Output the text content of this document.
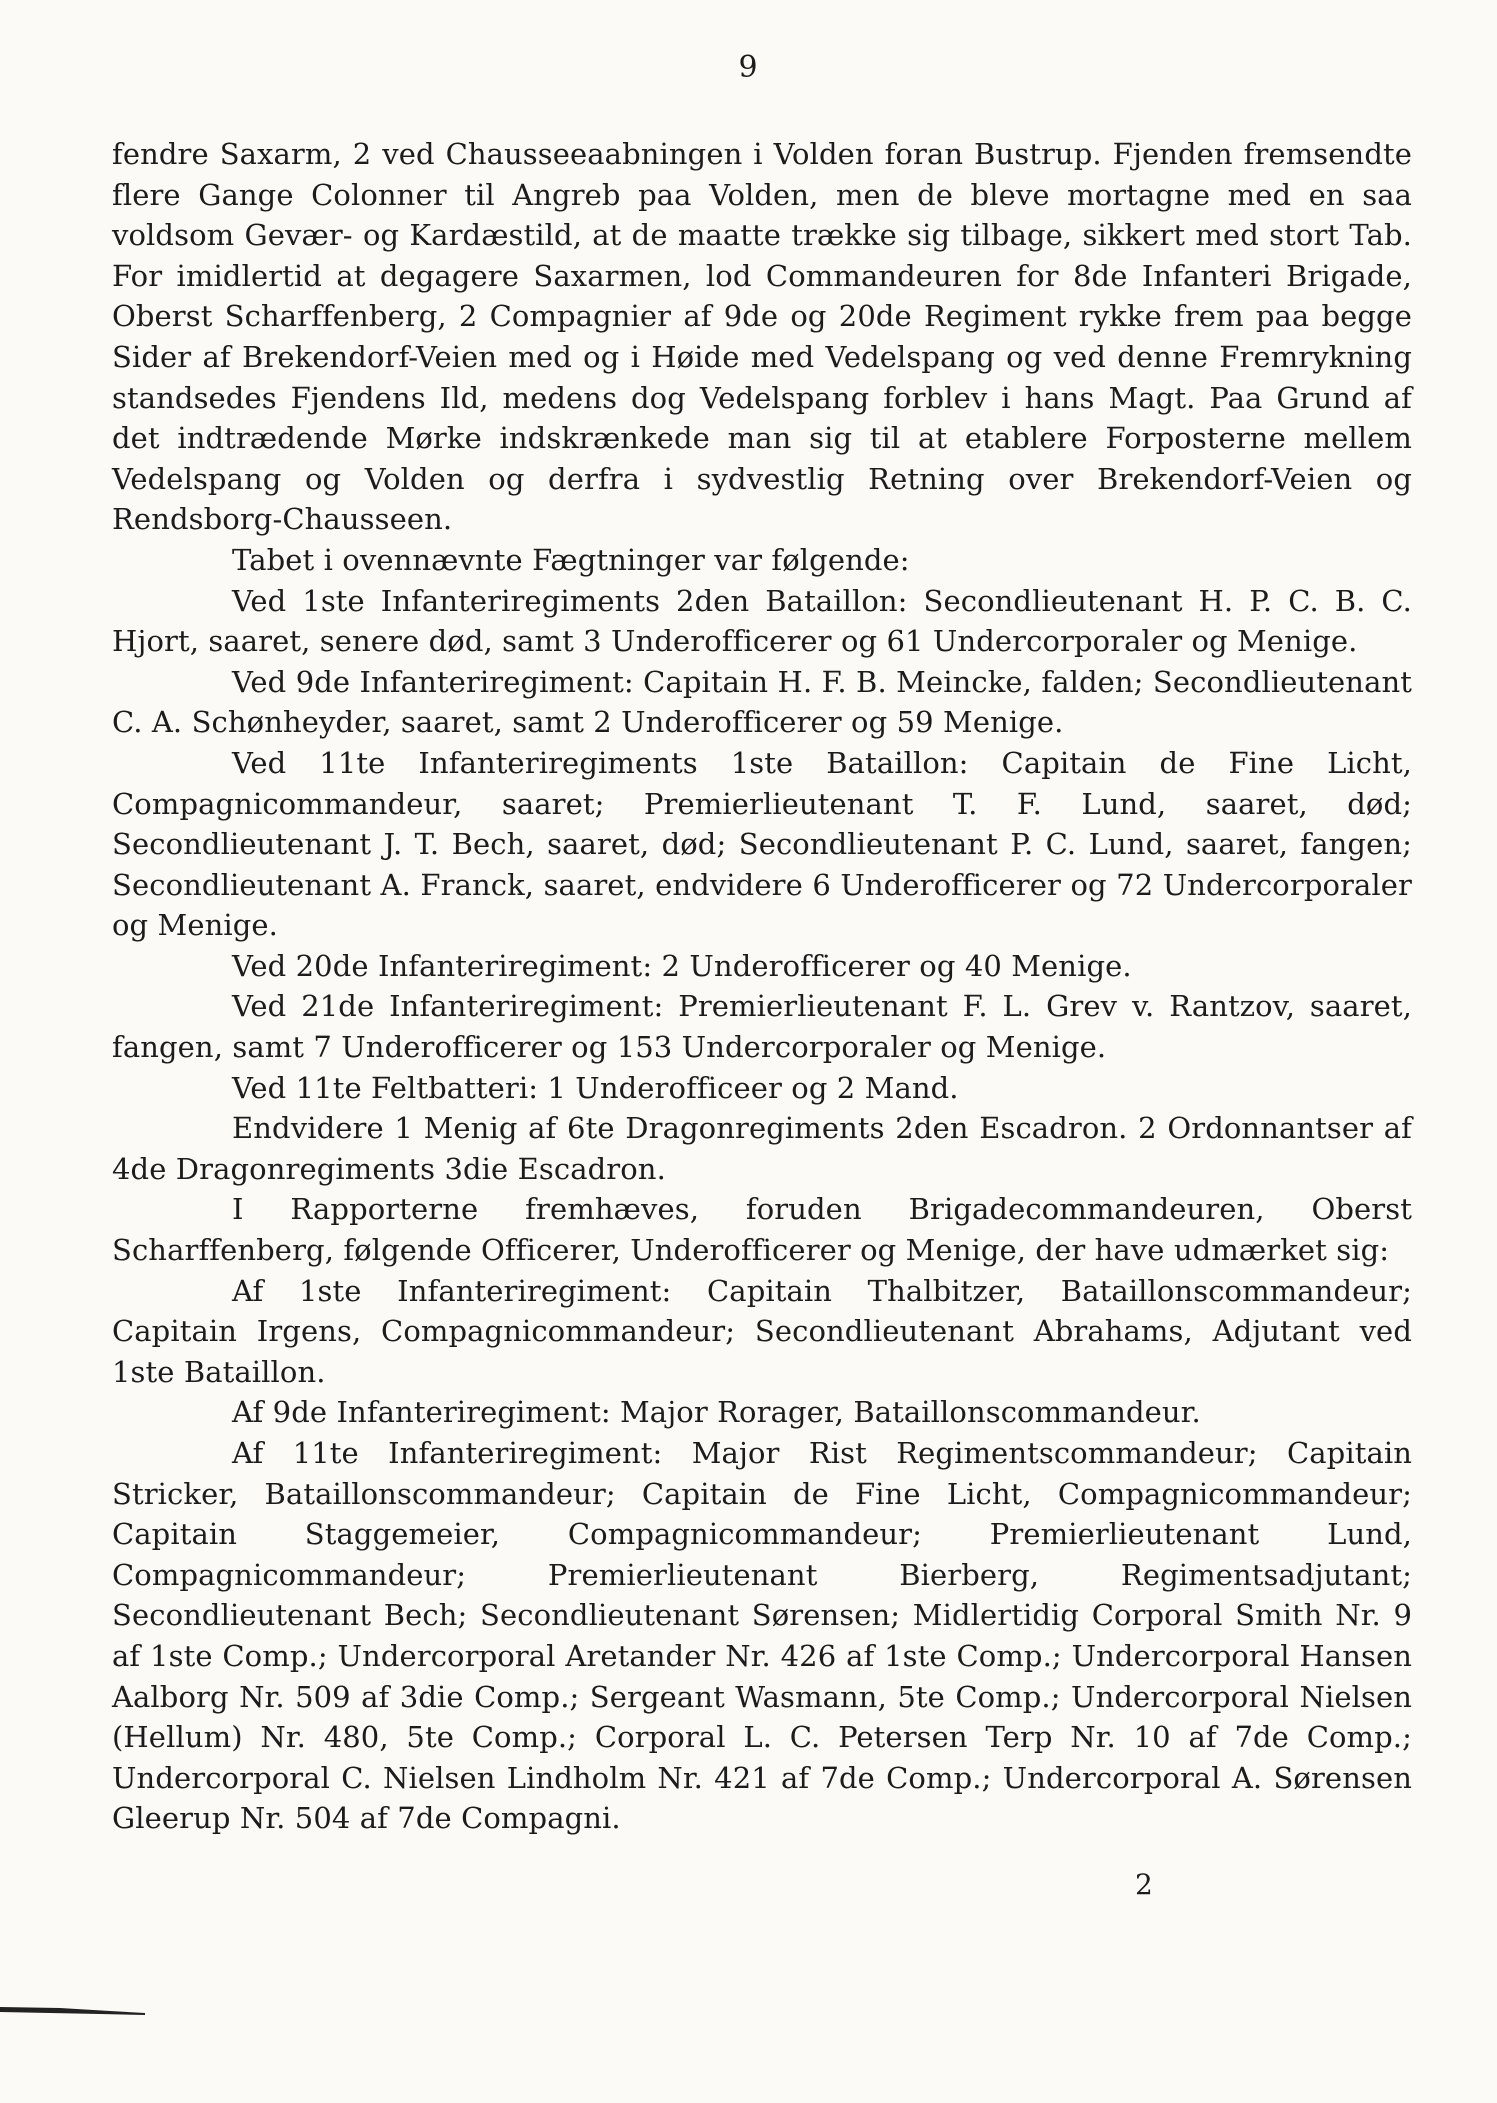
9

fendre Saxarm, 2 ved Chausseeaabningen i Volden foran Bustrup. Fjenden fremsendte flere Gange Colonner til Angreb paa Volden, men de bleve mortagne med en saa voldsom Gevær- og Kardæstild, at de maatte trække sig tilbage, sikkert med stort Tab. For imidlertid at degagere Saxarmen, lod Commandeuren for 8de Infanteri Brigade, Oberst Scharffenberg, 2 Compagnier af 9de og 20de Regiment rykke frem paa begge Sider af Brekendorf-Veien med og i Høide med Vedelspang og ved denne Fremrykning standsedes Fjendens Ild, medens dog Vedelspang forblev i hans Magt. Paa Grund af det indtrædende Mørke indskrænkede man sig til at etablere Forposterne mellem Vedelspang og Volden og derfra i sydvestlig Retning over Brekendorf-Veien og Rendsborg-Chausseen.

Tabet i ovennævnte Fægtninger var følgende:

Ved 1ste Infanteriregiments 2den Bataillon: Secondlieutenant H. P. C. B. C. Hjort, saaret, senere død, samt 3 Underofficerer og 61 Undercorporaler og Menige.

Ved 9de Infanteriregiment: Capitain H. F. B. Meincke, falden; Secondlieutenant C. A. Schønheyder, saaret, samt 2 Underofficerer og 59 Menige.

Ved 11te Infanteriregiments 1ste Bataillon: Capitain de Fine Licht, Compagnicommandeur, saaret; Premierlieutenant T. F. Lund, saaret, død; Secondlieutenant J. T. Bech, saaret, død; Secondlieutenant P. C. Lund, saaret, fangen; Secondlieutenant A. Franck, saaret, endvidere 6 Underofficerer og 72 Undercorporaler og Menige.

Ved 20de Infanteriregiment: 2 Underofficerer og 40 Menige.

Ved 21de Infanteriregiment: Premierlieutenant F. L. Grev v. Rantzov, saaret, fangen, samt 7 Underofficerer og 153 Undercorporaler og Menige.

Ved 11te Feltbatteri: 1 Underofficeer og 2 Mand.

Endvidere 1 Menig af 6te Dragonregiments 2den Escadron. 2 Ordonnantser af 4de Dragonregiments 3die Escadron.

I Rapporterne fremhæves, foruden Brigadecommandeuren, Oberst Scharffenberg, følgende Officerer, Underofficerer og Menige, der have udmærket sig:

Af 1ste Infanteriregiment: Capitain Thalbitzer, Bataillonscommandeur; Capitain Irgens, Compagnicommandeur; Secondlieutenant Abrahams, Adjutant ved 1ste Bataillon.

Af 9de Infanteriregiment: Major Rorager, Bataillonscommandeur.

Af 11te Infanteriregiment: Major Rist Regimentscommandeur; Capitain Stricker, Bataillonscommandeur; Capitain de Fine Licht, Compagnicommandeur; Capitain Staggemeier, Compagnicommandeur; Premierlieutenant Lund, Compagnicommandeur; Premierlieutenant Bierberg, Regimentsadjutant; Secondlieutenant Bech; Secondlieutenant Sørensen; Midlertidig Corporal Smith Nr. 9 af 1ste Comp.; Undercorporal Aretander Nr. 426 af 1ste Comp.; Undercorporal Hansen Aalborg Nr. 509 af 3die Comp.; Sergeant Wasmann, 5te Comp.; Undercorporal Nielsen (Hellum) Nr. 480, 5te Comp.; Corporal L. C. Petersen Terp Nr. 10 af 7de Comp.; Undercorporal C. Nielsen Lindholm Nr. 421 af 7de Comp.; Undercorporal A. Sørensen Gleerup Nr. 504 af 7de Compagni.

2
